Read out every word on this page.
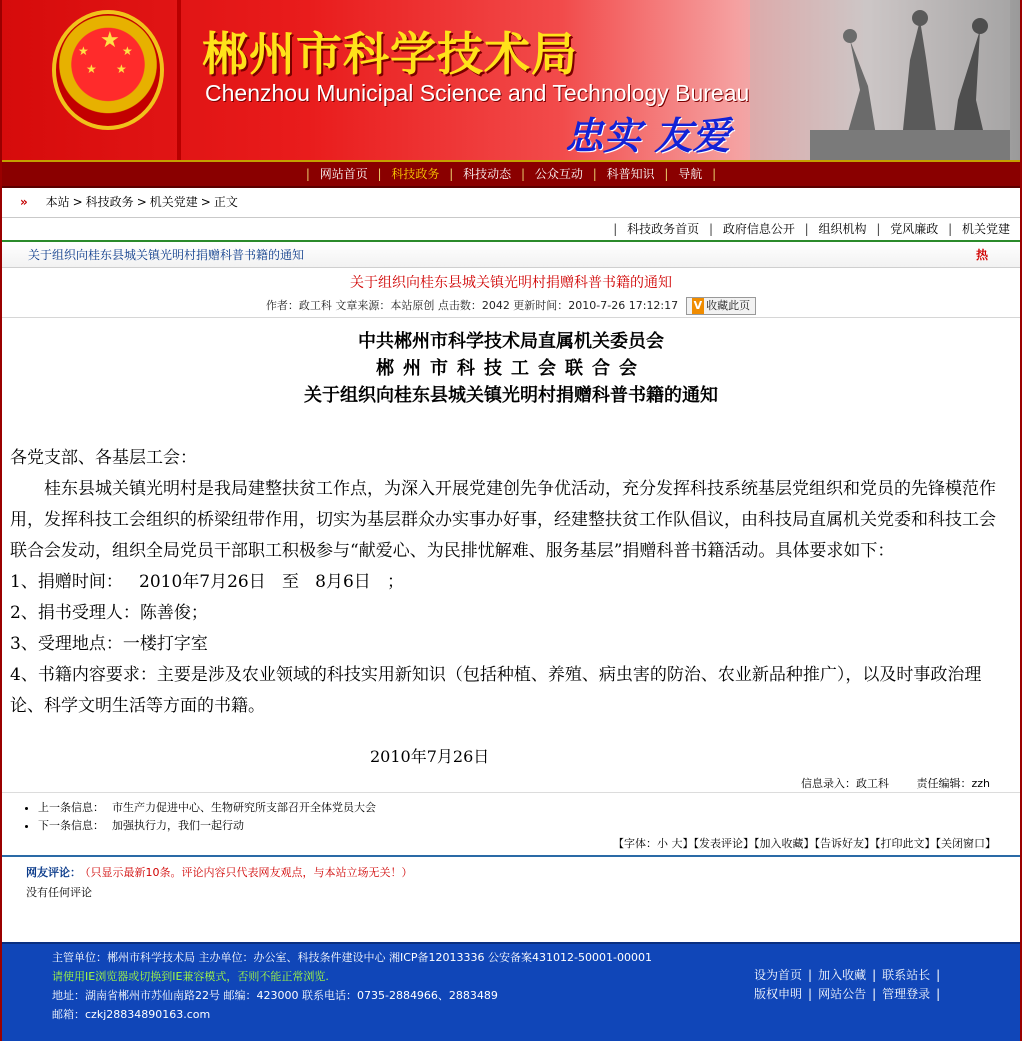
★
★
★
★
★ 郴州市科学技术局
Chenzhou Municipal Science and Technology Bureau
忠实 友爱
| 网站首页 | 科技政务 | 科技动态 | 公众互动 | 科普知识 | 导航 |
» 本站 > 科技政务 > 机关党建 > 正文
| 科技政务首页 | 政府信息公开 | 组织机构 | 党风廉政 | 机关党建
关于组织向桂东县城关镇光明村捐赠科普书籍的通知	热
关于组织向桂东县城关镇光明村捐赠科普书籍的通知
作者：政工科 文章来源：本站原创 点击数：2042 更新时间：2010-7-26 17:12:17 V 收藏此页
中共郴州市科学技术局直属机关委员会
郴州市科技工会联合会
关于组织向桂东县城关镇光明村捐赠科普书籍的通知
各党支部、各基层工会：
桂东县城关镇光明村是我局建整扶贫工作点，为深入开展党建创先争优活动，充分发挥科技系统基层党组织和党员的先锋模范作用，发挥科技工会组织的桥梁纽带作用，切实为基层群众办实事办好事，经建整扶贫工作队倡议，由科技局直属机关党委和科技工会联合会发动，组织全局党员干部职工积极参与“献爱心、为民排忧解难、服务基层”捐赠科普书籍活动。具体要求如下：
1、捐赠时间：   2010年7月26日   至   8月6日   ；
2、捐书受理人：陈善俊；
3、受理地点：一楼打字室
4、书籍内容要求：主要是涉及农业领域的科技实用新知识（包括种植、养殖、病虫害的防治、农业新品种推广），以及时事政治理论、科学文明生活等方面的书籍。
2010年7月26日
信息录入：政工科	责任编辑：zzh
• 上一条信息： 市生产力促进中心、生物研究所支部召开全体党员大会
• 下一条信息： 加强执行力，我们一起行动
【字体：小 大】【发表评论】【加入收藏】【告诉好友】【打印此文】【关闭窗口】
网友评论： （只显示最新10条。评论内容只代表网友观点，与本站立场无关！）
没有任何评论
主管单位：郴州市科学技术局 主办单位：办公室、科技条件建设中心 湘ICP备12013336 公安备案431012-50001-00001
请使用IE浏览器或切换到IE兼容模式，否则不能正常浏览.
地址：湖南省郴州市苏仙南路22号 邮编：423000 联系电话：0735-2884966、2883489
邮箱：czkj28834890163.com
设为首页 | 加入收藏 | 联系站长 |
版权申明 | 网站公告 | 管理登录 |
